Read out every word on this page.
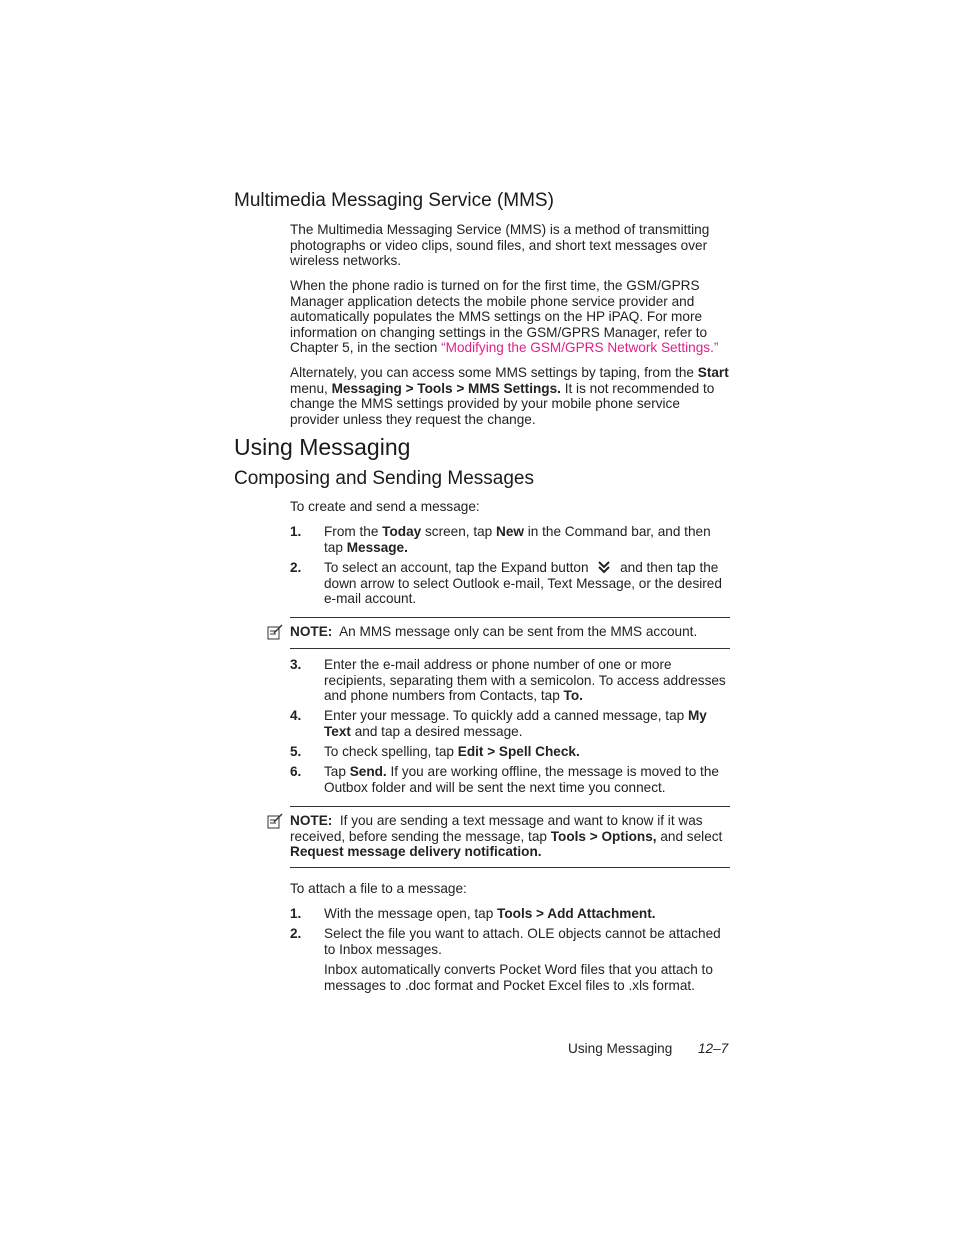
Multimedia Messaging Service (MMS)
The Multimedia Messaging Service (MMS) is a method of transmitting photographs or video clips, sound files, and short text messages over wireless networks.
When the phone radio is turned on for the first time, the GSM/GPRS Manager application detects the mobile phone service provider and automatically populates the MMS settings on the HP iPAQ. For more information on changing settings in the GSM/GPRS Manager, refer to Chapter 5, in the section “Modifying the GSM/GPRS Network Settings.”
Alternately, you can access some MMS settings by taping, from the Start menu, Messaging > Tools > MMS Settings. It is not recommended to change the MMS settings provided by your mobile phone service provider unless they request the change.
Using Messaging
Composing and Sending Messages
To create and send a message:
1. From the Today screen, tap New in the Command bar, and then tap Message.
2. To select an account, tap the Expand button  and then tap the down arrow to select Outlook e-mail, Text Message, or the desired e-mail account.
NOTE: An MMS message only can be sent from the MMS account.
3. Enter the e-mail address or phone number of one or more recipients, separating them with a semicolon. To access addresses and phone numbers from Contacts, tap To.
4. Enter your message. To quickly add a canned message, tap My Text and tap a desired message.
5. To check spelling, tap Edit > Spell Check.
6. Tap Send. If you are working offline, the message is moved to the Outbox folder and will be sent the next time you connect.
NOTE: If you are sending a text message and want to know if it was received, before sending the message, tap Tools > Options, and select Request message delivery notification.
To attach a file to a message:
1. With the message open, tap Tools > Add Attachment.
2. Select the file you want to attach. OLE objects cannot be attached to Inbox messages.
Inbox automatically converts Pocket Word files that you attach to messages to .doc format and Pocket Excel files to .xls format.
Using Messaging 12–7
